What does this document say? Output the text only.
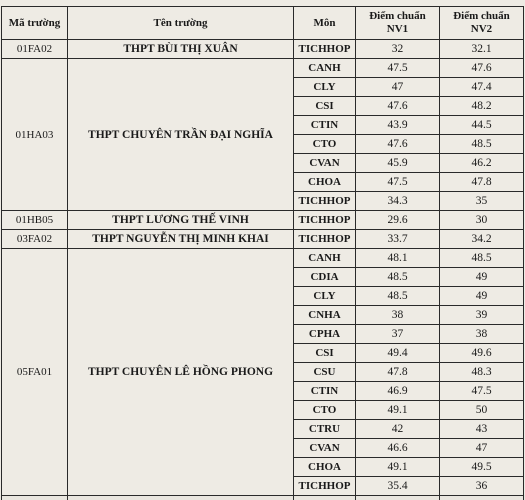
Mã trường	Tên trường	Môn	Điểm chuẩn NV1	Điểm chuẩn NV2
01FA02	THPT BÙI THỊ XUÂN	TICHHOP	32	32.1
01HA03	THPT CHUYÊN TRẦN ĐẠI NGHĨA	CANH	47.5	47.6
		CLY	47	47.4
		CSI	47.6	48.2
		CTIN	43.9	44.5
		CTO	47.6	48.5
		CVAN	45.9	46.2
		CHOA	47.5	47.8
		TICHHOP	34.3	35
01HB05	THPT LƯƠNG THẾ VINH	TICHHOP	29.6	30
03FA02	THPT NGUYỄN THỊ MINH KHAI	TICHHOP	33.7	34.2
05FA01	THPT CHUYÊN LÊ HỒNG PHONG	CANH	48.1	48.5
		CDIA	48.5	49
		CLY	48.5	49
		CNHA	38	39
		CPHA	37	38
		CSI	49.4	49.6
		CSU	47.8	48.3
		CTIN	46.9	47.5
		CTO	49.1	50
		CTRU	42	43
		CVAN	46.6	47
		CHOA	49.1	49.5
		TICHHOP	35.4	36
